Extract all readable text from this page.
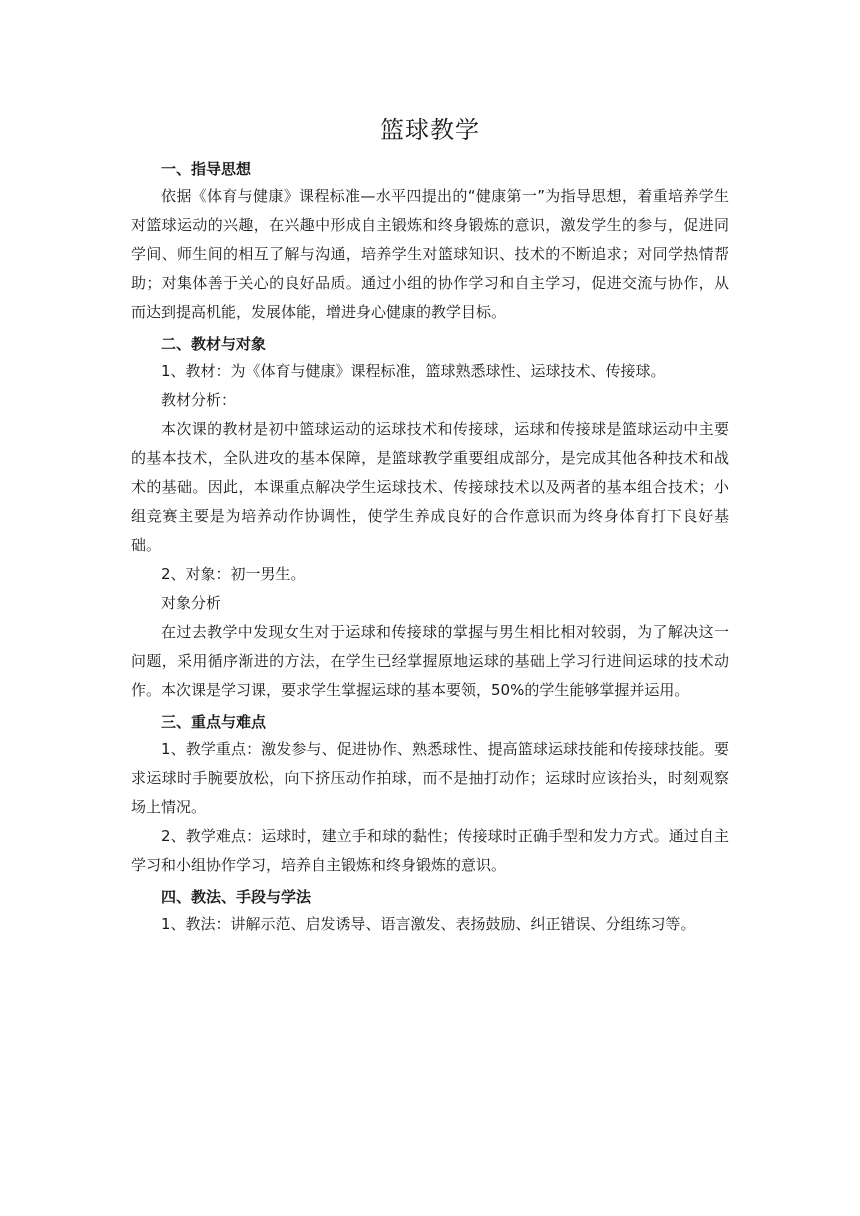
篮球教学

一、指导思想

依据《体育与健康》课程标准—水平四提出的“健康第一”为指导思想，着重培养学生对篮球运动的兴趣，在兴趣中形成自主锻炼和终身锻炼的意识，激发学生的参与，促进同学间、师生间的相互了解与沟通，培养学生对篮球知识、技术的不断追求；对同学热情帮助；对集体善于关心的良好品质。通过小组的协作学习和自主学习，促进交流与协作，从而达到提高机能，发展体能，增进身心健康的教学目标。

二、教材与对象

1、教材：为《体育与健康》课程标准，篮球熟悉球性、运球技术、传接球。

教材分析：

本次课的教材是初中篮球运动的运球技术和传接球，运球和传接球是篮球运动中主要的基本技术，全队进攻的基本保障，是篮球教学重要组成部分，是完成其他各种技术和战术的基础。因此，本课重点解决学生运球技术、传接球技术以及两者的基本组合技术；小组竞赛主要是为培养动作协调性，使学生养成良好的合作意识而为终身体育打下良好基础。

2、对象：初一男生。

对象分析

在过去教学中发现女生对于运球和传接球的掌握与男生相比相对较弱，为了解决这一问题，采用循序渐进的方法，在学生已经掌握原地运球的基础上学习行进间运球的技术动作。本次课是学习课，要求学生掌握运球的基本要领，50%的学生能够掌握并运用。

三、重点与难点

1、教学重点：激发参与、促进协作、熟悉球性、提高篮球运球技能和传接球技能。要求运球时手腕要放松，向下挤压动作拍球，而不是抽打动作；运球时应该抬头，时刻观察场上情况。

2、教学难点：运球时，建立手和球的黏性；传接球时正确手型和发力方式。通过自主学习和小组协作学习，培养自主锻炼和终身锻炼的意识。

四、教法、手段与学法

1、教法：讲解示范、启发诱导、语言激发、表扬鼓励、纠正错误、分组练习等。
